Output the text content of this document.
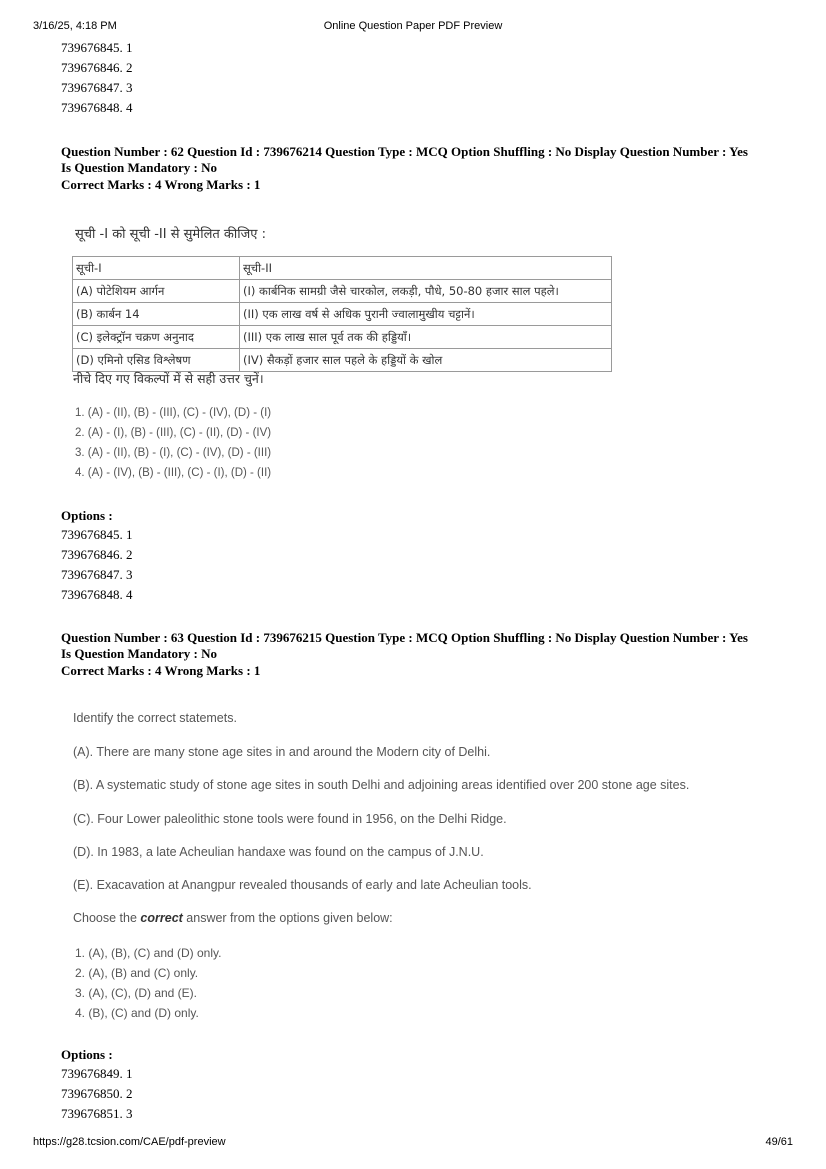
3/16/25, 4:18 PM	Online Question Paper PDF Preview
739676845. 1
739676846. 2
739676847. 3
739676848. 4
Question Number : 62 Question Id : 739676214 Question Type : MCQ Option Shuffling : No Display Question Number : Yes
Is Question Mandatory : No
Correct Marks : 4 Wrong Marks : 1
सूची -I को सूची -II से सुमेलित कीजिए :
सूची-I	सूची-II
(A) पोटेशियम आर्गन	(I) कार्बनिक सामग्री जैसे चारकोल, लकड़ी, पौधे, 50-80 हजार साल पहले।
(B) कार्बन 14	(II) एक लाख वर्ष से अधिक पुरानी ज्वालामुखीय चट्टानें।
(C) इलेक्ट्रॉन चक्रण अनुनाद	(III) एक लाख साल पूर्व तक की हड्डियाँ।
(D) एमिनो एसिड विश्लेषण	(IV) सैकड़ों हजार साल पहले के हड्डियों के खोल
नीचे दिए गए विकल्पों में से सही उत्तर चुनें।
1. (A) - (II), (B) - (III), (C) - (IV), (D) - (I)
2. (A) - (I), (B) - (III), (C) - (II), (D) - (IV)
3. (A) - (II), (B) - (I), (C) - (IV), (D) - (III)
4. (A) - (IV), (B) - (III), (C) - (I), (D) - (II)
Options :
739676845. 1
739676846. 2
739676847. 3
739676848. 4
Question Number : 63 Question Id : 739676215 Question Type : MCQ Option Shuffling : No Display Question Number : Yes
Is Question Mandatory : No
Correct Marks : 4 Wrong Marks : 1
Identify the correct statemets.
(A). There are many stone age sites in and around the Modern city of Delhi.
(B). A systematic study of stone age sites in south Delhi and adjoining areas identified over 200 stone age sites.
(C). Four Lower paleolithic stone tools were found in 1956, on the Delhi Ridge.
(D). In 1983, a late Acheulian handaxe was found on the campus of J.N.U.
(E). Exacavation at Anangpur revealed thousands of early and late Acheulian tools.
Choose the correct answer from the options given below:
1. (A), (B), (C) and (D) only.
2. (A), (B) and (C) only.
3. (A), (C), (D) and (E).
4. (B), (C) and (D) only.
Options :
739676849. 1
739676850. 2
739676851. 3
https://g28.tcsion.com/CAE/pdf-preview	49/61
